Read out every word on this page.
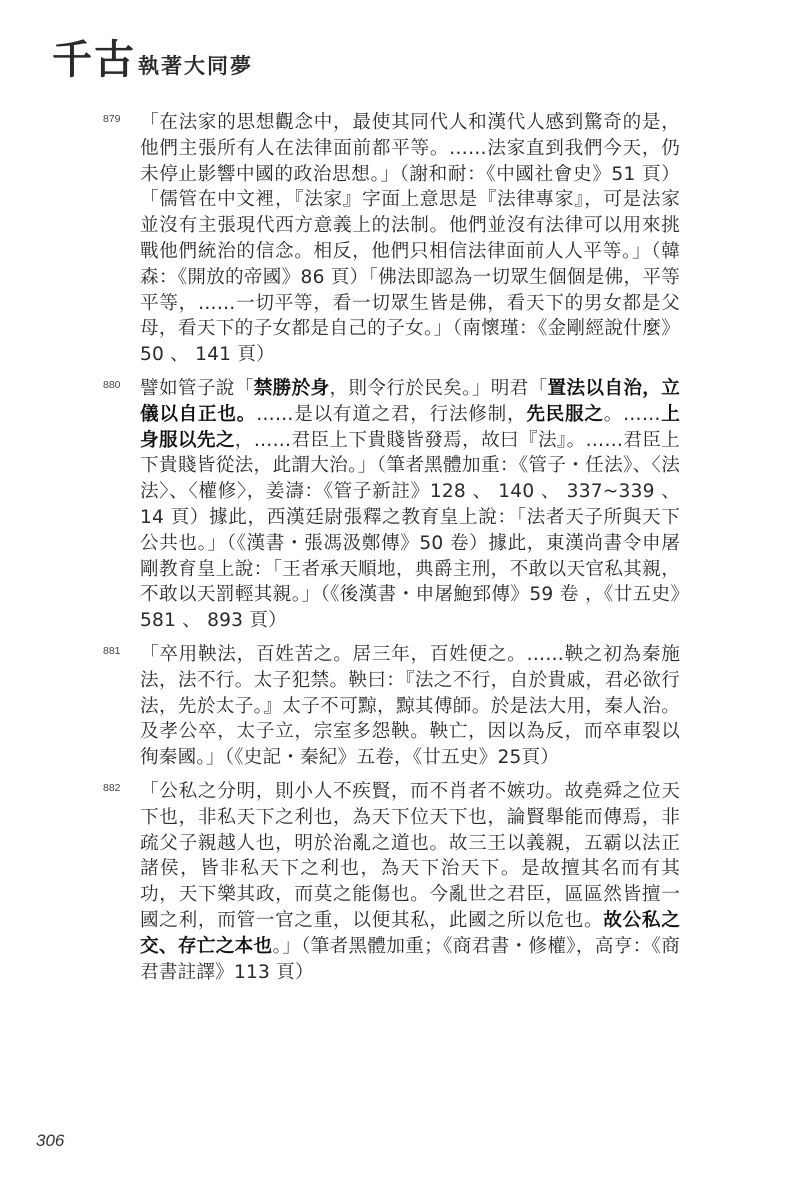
千古執著大同夢
879 「在法家的思想觀念中，最使其同代人和漢代人感到驚奇的是，他們主張所有人在法律面前都平等。……法家直到我們今天，仍未停止影響中國的政治思想。」（謝和耐：《中國社會史》51 頁）「儒管在中文裡，『法家』字面上意思是『法律專家』，可是法家並沒有主張現代西方意義上的法制。他們並沒有法律可以用來挑戰他們統治的信念。相反，他們只相信法律面前人人平等。」（韓森：《開放的帝國》86 頁）「佛法即認為一切眾生個個是佛，平等平等，……一切平等，看一切眾生皆是佛，看天下的男女都是父母，看天下的子女都是自己的子女。」（南懷瑾：《金剛經說什麼》50 、 141 頁）
880 譬如管子說「禁勝於身，則令行於民矣。」明君「置法以自治，立儀以自正也。……是以有道之君，行法修制，先民服之。……上身服以先之，……君臣上下貴賤皆發焉，故曰『法』。……君臣上下貴賤皆從法，此謂大治。」（筆者黑體加重：《管子・任法》、〈法法〉、〈權修〉，姜濤：《管子新註》128 、 140 、 337~339 、 14 頁）據此，西漢廷尉張釋之教育皇上說：「法者天子所與天下公共也。」（《漢書・張馮汲鄭傳》50 卷）據此，東漢尚書令申屠剛教育皇上說：「王者承天順地，典爵主刑，不敢以天官私其親，不敢以天罰輕其親。」（《後漢書・申屠鮑郅傳》59 卷 ，《廿五史》581 、 893 頁）
881 「卒用鞅法，百姓苦之。居三年，百姓便之。……鞅之初為秦施法，法不行。太子犯禁。鞅曰：『法之不行，自於貴戚，君必欲行法，先於太子。』太子不可黥，黥其傅師。於是法大用，秦人治。及孝公卒，太子立，宗室多怨鞅。鞅亡，因以為反，而卒車裂以徇秦國。」（《史記・秦紀》五卷，《廿五史》25頁）
882 「公私之分明，則小人不疾賢，而不肖者不嫉功。故堯舜之位天下也，非私天下之利也，為天下位天下也，論賢舉能而傳焉，非疏父子親越人也，明於治亂之道也。故三王以義親，五霸以法正諸侯，皆非私天下之利也，為天下治天下。是故擅其名而有其功，天下樂其政，而莫之能傷也。今亂世之君臣，區區然皆擅一國之利，而管一官之重，以便其私，此國之所以危也。故公私之交、存亡之本也。」（筆者黑體加重；《商君書・修權》，高亨：《商君書註譯》113 頁）
306
